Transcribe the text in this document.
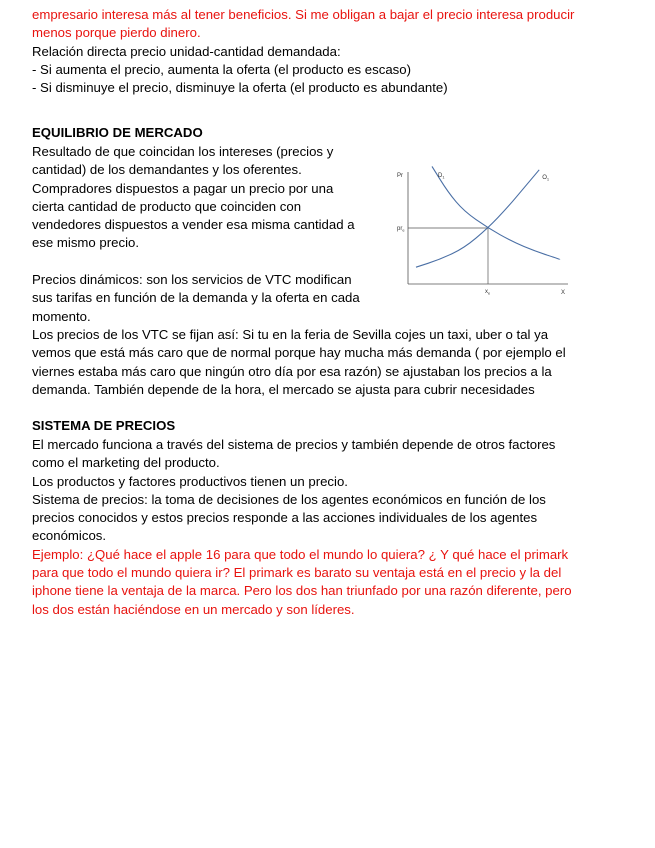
empresario interesa más al tener beneficios. Si me obligan a bajar el precio interesa producir
menos porque pierdo dinero.
Relación directa precio unidad-cantidad demandada:
- Si aumenta el precio, aumenta la oferta (el producto es escaso)
- Si disminuye el precio, disminuye la oferta (el producto es abundante)
EQUILIBRIO DE MERCADO
Resultado de que coincidan los intereses (precios y
cantidad) de los demandantes y los oferentes.
Compradores dispuestos a pagar un precio por una
cierta cantidad de producto que coinciden con
vendedores dispuestos a vender esa misma cantidad a
ese mismo precio.

Precios dinámicos: son los servicios de VTC modifican
sus tarifas en función de la demanda y la oferta en cada
momento.
Pr
X
$pr_e$
$x_e$
$D_1$	$O_1$
Los precios de los VTC se fijan así: Si tu en la feria de Sevilla cojes un taxi, uber o tal ya
vemos que está más caro que de normal porque hay mucha más demanda ( por ejemplo el
viernes estaba más caro que ningún otro día por esa razón) se ajustaban los precios a la
demanda. También depende de la hora, el mercado se ajusta para cubrir necesidades
SISTEMA DE PRECIOS
El mercado funciona a través del sistema de precios y también depende de otros factores
como el marketing del producto.
Los productos y factores productivos tienen un precio.
Sistema de precios: la toma de decisiones de los agentes económicos en función de los
precios conocidos y estos precios responde a las acciones individuales de los agentes
económicos.
Ejemplo: ¿Qué hace el apple 16 para que todo el mundo lo quiera? ¿ Y qué hace el primark
para que todo el mundo quiera ir? El primark es barato su ventaja está en el precio y la del
iphone tiene la ventaja de la marca. Pero los dos han triunfado por una razón diferente, pero
los dos están haciéndose en un mercado y son líderes.
